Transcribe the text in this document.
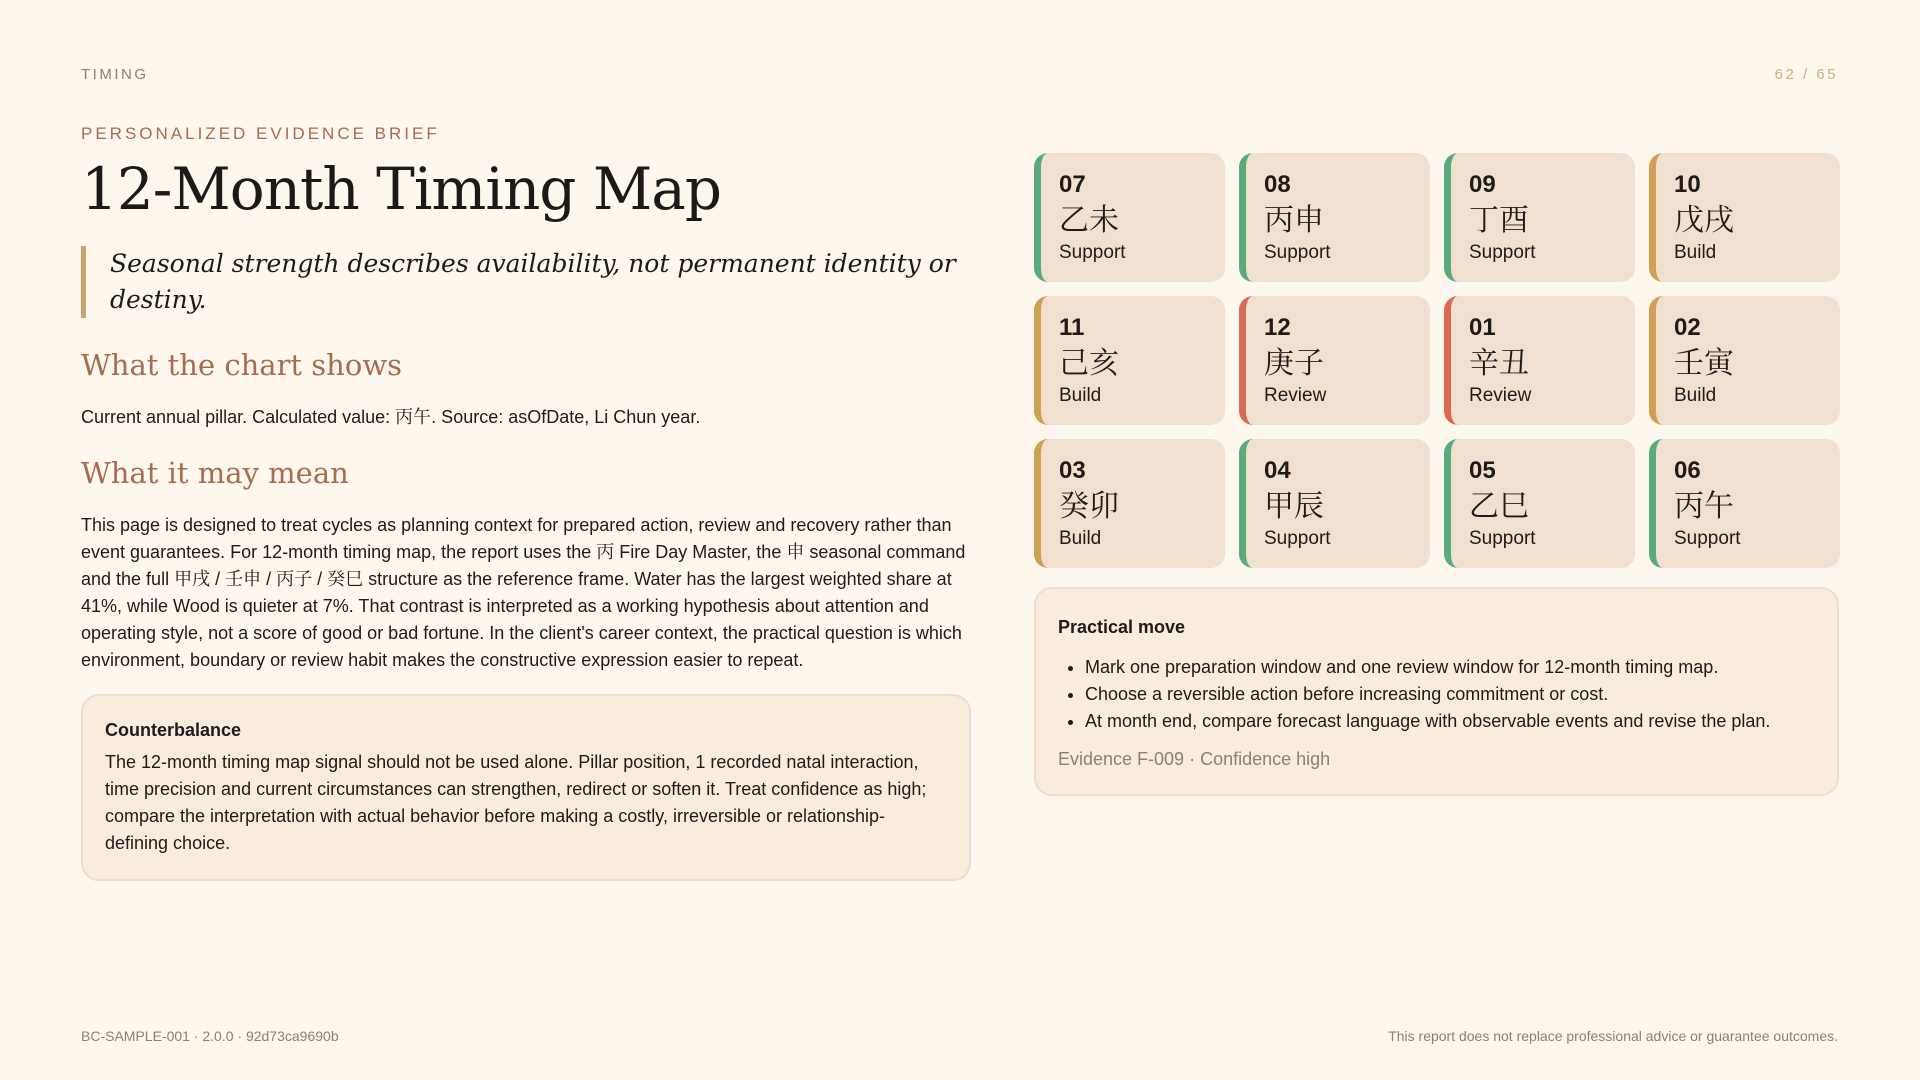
TIMING	62 / 65
PERSONALIZED EVIDENCE BRIEF
12-Month Timing Map
Seasonal strength describes availability, not permanent identity or destiny.
What the chart shows

Current annual pillar. Calculated value: 丙午. Source: asOfDate, Li Chun year.

What it may mean

This page is designed to treat cycles as planning context for prepared action, review and recovery rather than event guarantees. For 12-month timing map, the report uses the 丙 Fire Day Master, the 申 seasonal command and the full 甲戌 / 壬申 / 丙子 / 癸巳 structure as the reference frame. Water has the largest weighted share at 41%, while Wood is quieter at 7%. That contrast is interpreted as a working hypothesis about attention and operating style, not a score of good or bad fortune. In the client's career context, the practical question is which environment, boundary or review habit makes the constructive expression easier to repeat.

Counterbalance
The 12-month timing map signal should not be used alone. Pillar position, 1 recorded natal interaction, time precision and current circumstances can strengthen, redirect or soften it. Treat confidence as high; compare the interpretation with actual behavior before making a costly, irreversible or relationship-defining choice.
07
乙未
Support
08
丙申
Support
09
丁酉
Support
10
戊戌
Build
11
己亥
Build
12
庚子
Review
01
辛丑
Review
02
壬寅
Build
03
癸卯
Build
04
甲辰
Support
05
乙巳
Support
06
丙午
Support
Practical move
• Mark one preparation window and one review window for 12-month timing map.
• Choose a reversible action before increasing commitment or cost.
• At month end, compare forecast language with observable events and revise the plan.
Evidence F-009 · Confidence high
BC-SAMPLE-001 · 2.0.0 · 92d73ca9690b	This report does not replace professional advice or guarantee outcomes.
